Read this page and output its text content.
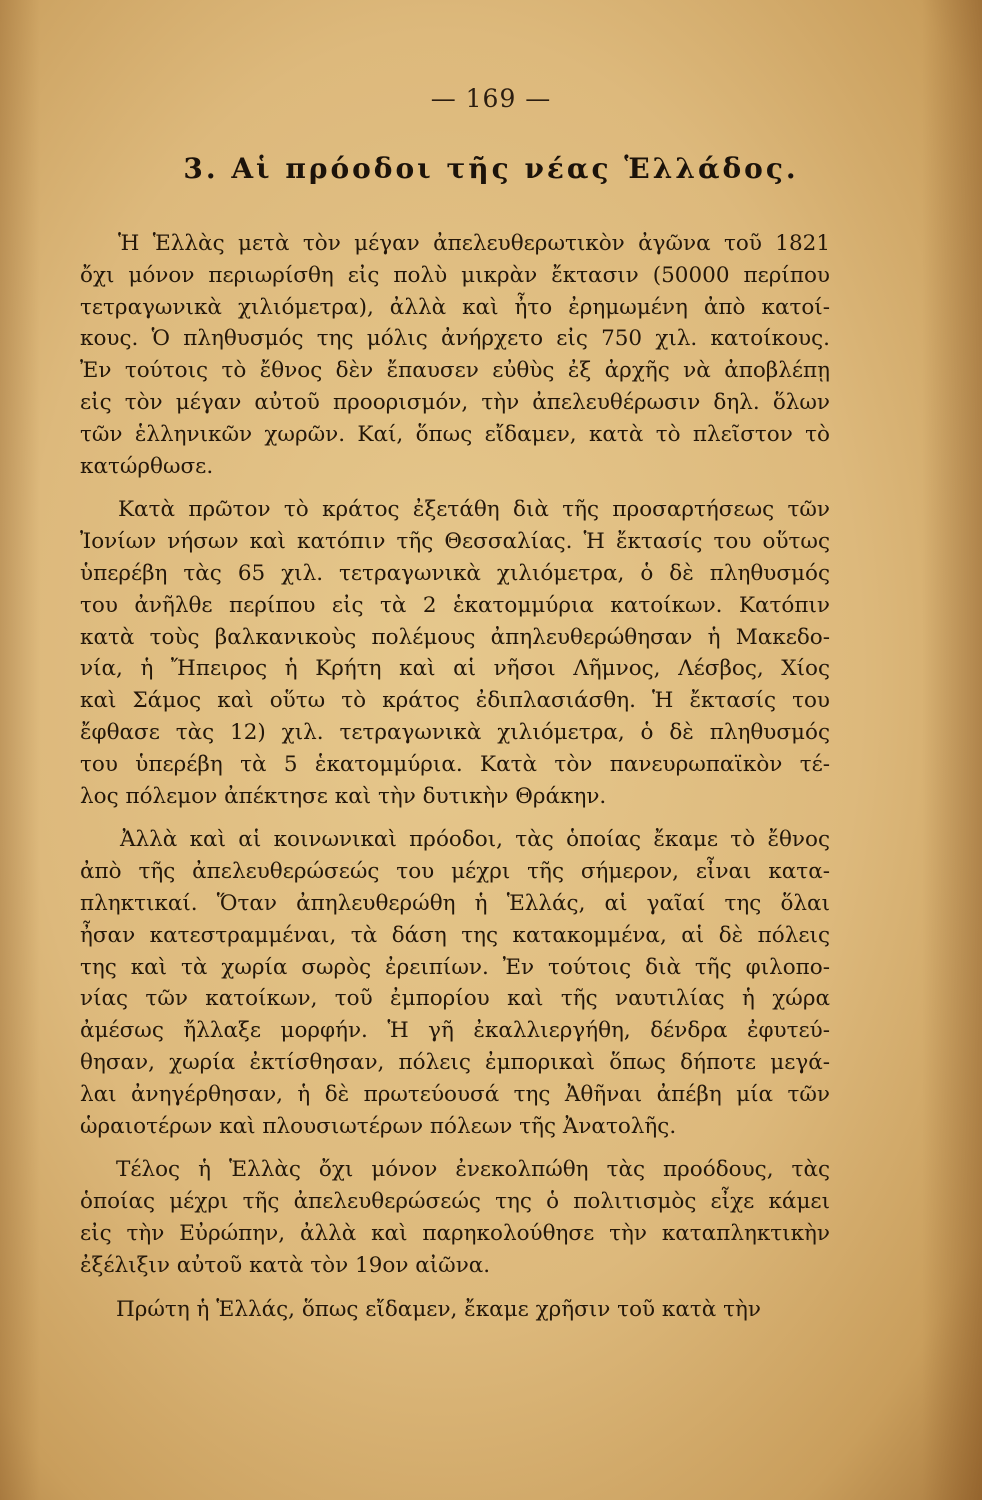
— 169 —
3. Αἱ πρόοδοι τῆς νέας Ἑλλάδος.
Ἡ Ἑλλὰς μετὰ τὸν μέγαν ἀπελευθερωτικὸν ἀγῶνα τοῦ 1821
ὄχι μόνον περιωρίσθη εἰς πολὺ μικρὰν ἔκτασιν (50000 περίπου
τετραγωνικὰ χιλιόμετρα), ἀλλὰ καὶ ἦτο ἐρημωμένη ἀπὸ κατοί-
κους. Ὁ πληθυσμός της μόλις ἀνήρχετο εἰς 750 χιλ. κατοίκους.
Ἐν τούτοις τὸ ἔθνος δὲν ἔπαυσεν εὐθὺς ἐξ ἀρχῆς νὰ ἀποβλέπῃ
εἰς τὸν μέγαν αὐτοῦ προορισμόν, τὴν ἀπελευθέρωσιν δηλ. ὅλων
τῶν ἑλληνικῶν χωρῶν. Καί, ὅπως εἴδαμεν, κατὰ τὸ πλεῖστον τὸ
κατώρθωσε.
Κατὰ πρῶτον τὸ κράτος ἐξετάθη διὰ τῆς προσαρτήσεως τῶν
Ἰονίων νήσων καὶ κατόπιν τῆς Θεσσαλίας. Ἡ ἔκτασίς του οὕτως
ὑπερέβη τὰς 65 χιλ. τετραγωνικὰ χιλιόμετρα, ὁ δὲ πληθυσμός
του ἀνῆλθε περίπου εἰς τὰ 2 ἑκατομμύρια κατοίκων. Κατόπιν
κατὰ τοὺς βαλκανικοὺς πολέμους ἀπηλευθερώθησαν ἡ Μακεδο-
νία, ἡ Ἤπειρος ἡ Κρήτη καὶ αἱ νῆσοι Λῆμνος, Λέσβος, Χίος
καὶ Σάμος καὶ οὕτω τὸ κράτος ἐδιπλασιάσθη. Ἡ ἔκτασίς του
ἔφθασε τὰς 12) χιλ. τετραγωνικὰ χιλιόμετρα, ὁ δὲ πληθυσμός
του ὑπερέβη τὰ 5 ἑκατομμύρια. Κατὰ τὸν πανευρωπαϊκὸν τέ-
λος πόλεμον ἀπέκτησε καὶ τὴν δυτικὴν Θράκην.
Ἀλλὰ καὶ αἱ κοινωνικαὶ πρόοδοι, τὰς ὁποίας ἔκαμε τὸ ἔθνος
ἀπὸ τῆς ἀπελευθερώσεώς του μέχρι τῆς σήμερον, εἶναι κατα-
πληκτικαί. Ὅταν ἀπηλευθερώθη ἡ Ἑλλάς, αἱ γαῖαί της ὅλαι
ἦσαν κατεστραμμέναι, τὰ δάση της κατακομμένα, αἱ δὲ πόλεις
της καὶ τὰ χωρία σωρὸς ἐρειπίων. Ἐν τούτοις διὰ τῆς φιλοπο-
νίας τῶν κατοίκων, τοῦ ἐμπορίου καὶ τῆς ναυτιλίας ἡ χώρα
ἀμέσως ἤλλαξε μορφήν. Ἡ γῆ ἐκαλλιεργήθη, δένδρα ἐφυτεύ-
θησαν, χωρία ἐκτίσθησαν, πόλεις ἐμπορικαὶ ὅπως δήποτε μεγά-
λαι ἀνηγέρθησαν, ἡ δὲ πρωτεύουσά της Ἀθῆναι ἀπέβη μία τῶν
ὡραιοτέρων καὶ πλουσιωτέρων πόλεων τῆς Ἀνατολῆς.
Τέλος ἡ Ἑλλὰς ὄχι μόνον ἐνεκολπώθη τὰς προόδους, τὰς
ὁποίας μέχρι τῆς ἀπελευθερώσεώς της ὁ πολιτισμὸς εἶχε κάμει
εἰς τὴν Εὐρώπην, ἀλλὰ καὶ παρηκολούθησε τὴν καταπληκτικὴν
ἐξέλιξιν αὐτοῦ κατὰ τὸν 19ον αἰῶνα.
Πρώτη ἡ Ἑλλάς, ὅπως εἴδαμεν, ἔκαμε χρῆσιν τοῦ κατὰ τὴν
